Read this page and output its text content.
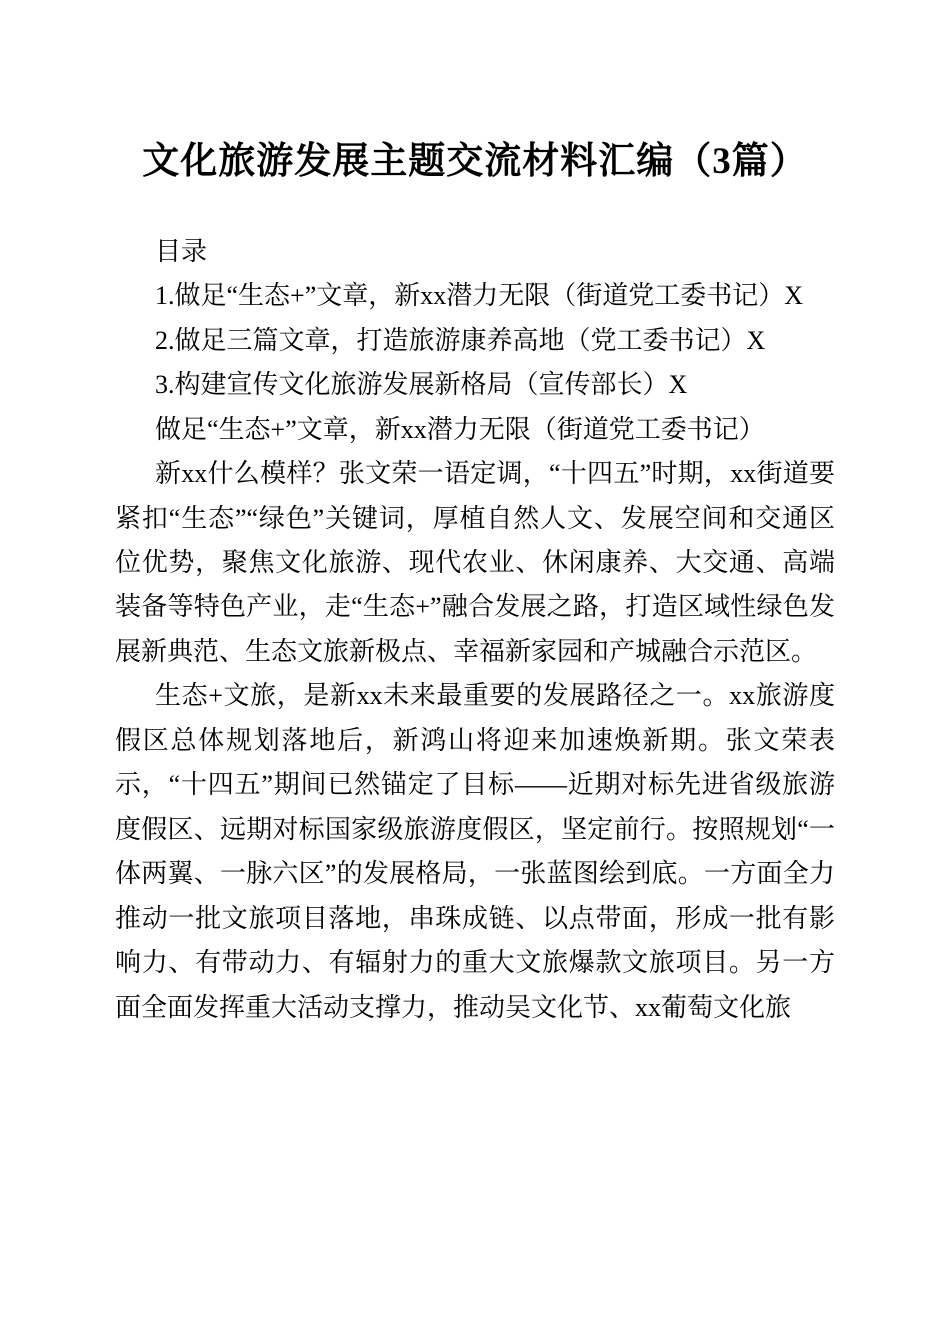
文化旅游发展主题交流材料汇编（3篇）

目录

1.做足“生态+”文章，新xx潜力无限（街道党工委书记）X

2.做足三篇文章，打造旅游康养高地（党工委书记）X

3.构建宣传文化旅游发展新格局（宣传部长）X

做足“生态+”文章，新xx潜力无限（街道党工委书记）

新xx什么模样？张文荣一语定调，“十四五”时期，xx街道要紧扣“生态”“绿色”关键词，厚植自然人文、发展空间和交通区位优势，聚焦文化旅游、现代农业、休闲康养、大交通、高端装备等特色产业，走“生态+”融合发展之路，打造区域性绿色发展新典范、生态文旅新极点、幸福新家园和产城融合示范区。

生态+文旅，是新xx未来最重要的发展路径之一。xx旅游度假区总体规划落地后，新鸿山将迎来加速焕新期。张文荣表示，“十四五”期间已然锚定了目标——近期对标先进省级旅游度假区、远期对标国家级旅游度假区，坚定前行。按照规划“一体两翼、一脉六区”的发展格局，一张蓝图绘到底。一方面全力推动一批文旅项目落地，串珠成链、以点带面，形成一批有影响力、有带动力、有辐射力的重大文旅爆款文旅项目。另一方面全面发挥重大活动支撑力，推动吴文化节、xx葡萄文化旅
